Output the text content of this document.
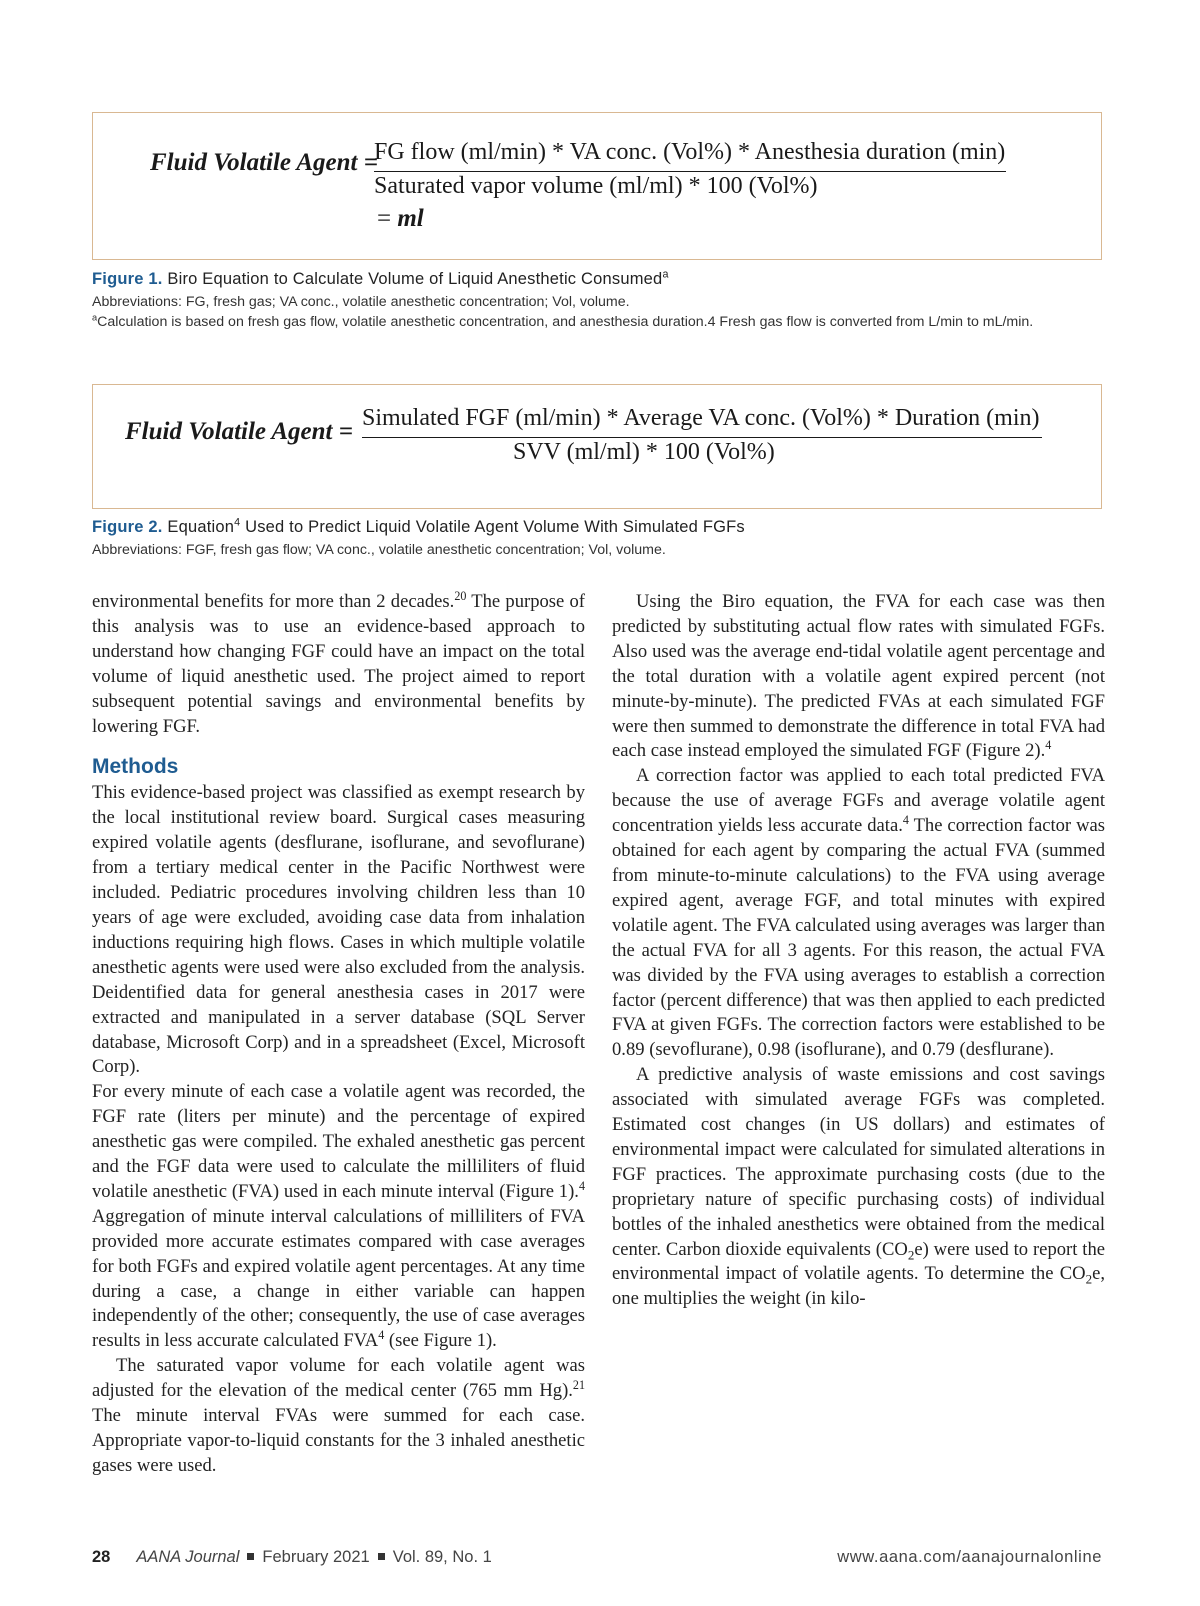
Fluid Volatile Agent =
FG flow (ml/min) * VA conc. (Vol%) * Anesthesia duration (min)
Saturated vapor volume (ml/ml) * 100 (Vol%)
= ml
Figure 1. Biro Equation to Calculate Volume of Liquid Anesthetic Consumed$^a$
Abbreviations: FG, fresh gas; VA conc., volatile anesthetic concentration; Vol, volume.
$^a$Calculation is based on fresh gas flow, volatile anesthetic concentration, and anesthesia duration.4 Fresh gas flow is converted from L/min to mL/min.
Fluid Volatile Agent = Simulated FGF (ml/min) * Average VA conc. (Vol%) * Duration (min)
SVV (ml/ml) * 100 (Vol%)
Figure 2. Equation$^4$ Used to Predict Liquid Volatile Agent Volume With Simulated FGFs
Abbreviations: FGF, fresh gas flow; VA conc., volatile anesthetic concentration; Vol, volume.

environmental benefits for more than 2 decades.$^{20}$ The purpose of this analysis was to use an evidence-based approach to understand how changing FGF could have an impact on the total volume of liquid anesthetic used. The project aimed to report subsequent potential savings and environmental benefits by lowering FGF.

Methods

This evidence-based project was classified as exempt research by the local institutional review board. Surgical cases measuring expired volatile agents (desflurane, isoflurane, and sevoflurane) from a tertiary medical center in the Pacific Northwest were included. Pediatric procedures involving children less than 10 years of age were excluded, avoiding case data from inhalation inductions requiring high flows. Cases in which multiple volatile anesthetic agents were used were also excluded from the analysis. Deidentified data for general anesthesia cases in 2017 were extracted and manipulated in a server database (SQL Server database, Microsoft Corp) and in a spreadsheet (Excel, Microsoft Corp).

For every minute of each case a volatile agent was recorded, the FGF rate (liters per minute) and the percentage of expired anesthetic gas were compiled. The exhaled anesthetic gas percent and the FGF data were used to calculate the milliliters of fluid volatile anesthetic (FVA) used in each minute interval (Figure 1).$^4$ Aggregation of minute interval calculations of milliliters of FVA provided more accurate estimates compared with case averages for both FGFs and expired volatile agent percentages. At any time during a case, a change in either variable can happen independently of the other; consequently, the use of case averages results in less accurate calculated FVA$^4$ (see Figure 1).

The saturated vapor volume for each volatile agent was adjusted for the elevation of the medical center (765 mm Hg).$^{21}$ The minute interval FVAs were summed for each case. Appropriate vapor-to-liquid constants for the 3 inhaled anesthetic gases were used.

Using the Biro equation, the FVA for each case was then predicted by substituting actual flow rates with simulated FGFs. Also used was the average end-tidal volatile agent percentage and the total duration with a volatile agent expired percent (not minute-by-minute). The predicted FVAs at each simulated FGF were then summed to demonstrate the difference in total FVA had each case instead employed the simulated FGF (Figure 2).$^4$

A correction factor was applied to each total predicted FVA because the use of average FGFs and average volatile agent concentration yields less accurate data.$^4$ The correction factor was obtained for each agent by comparing the actual FVA (summed from minute-to-minute calculations) to the FVA using average expired agent, average FGF, and total minutes with expired volatile agent. The FVA calculated using averages was larger than the actual FVA for all 3 agents. For this reason, the actual FVA was divided by the FVA using averages to establish a correction factor (percent difference) that was then applied to each predicted FVA at given FGFs. The correction factors were established to be 0.89 (sevoflurane), 0.98 (isoflurane), and 0.79 (desflurane).

A predictive analysis of waste emissions and cost savings associated with simulated average FGFs was completed. Estimated cost changes (in US dollars) and estimates of environmental impact were calculated for simulated alterations in FGF practices. The approximate purchasing costs (due to the proprietary nature of specific purchasing costs) of individual bottles of the inhaled anesthetics were obtained from the medical center. Carbon dioxide equivalents $(CO_2e)$ were used to report the environmental impact of volatile agents. To determine the $CO_2e$, one multiplies the weight (in kilo-

28 AANA Journal February 2021 Vol. 89, No. 1	www.aana.com/aanajournalonline
